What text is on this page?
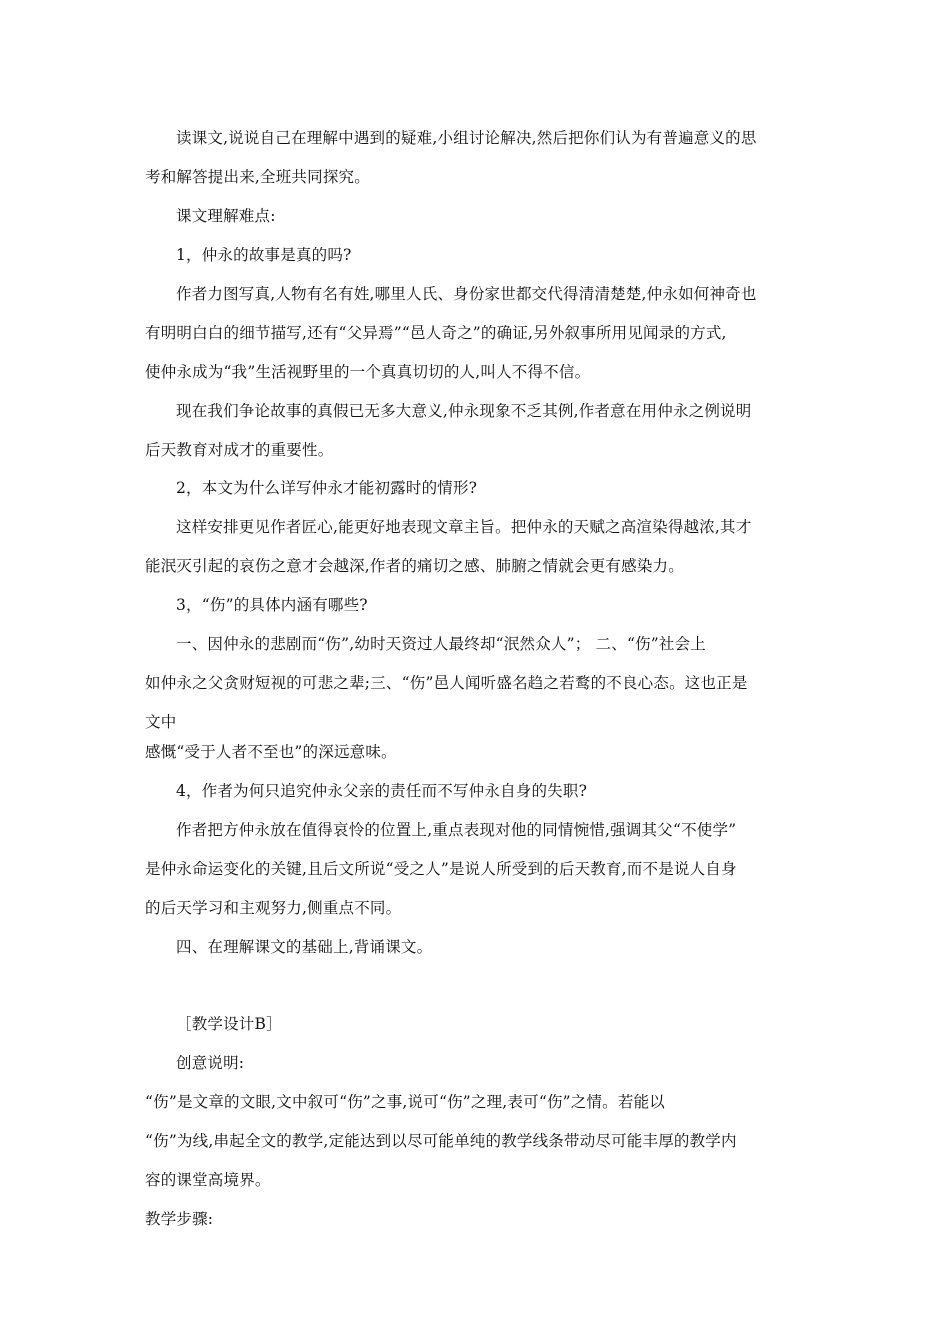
读课文,说说自己在理解中遇到的疑难,小组讨论解决,然后把你们认为有普遍意义的思
考和解答提出来,全班共同探究。
课文理解难点:
1，仲永的故事是真的吗?
作者力图写真,人物有名有姓,哪里人氏、身份家世都交代得清清楚楚,仲永如何神奇也
有明明白白的细节描写,还有“父异焉”“邑人奇之”的确证,另外叙事所用见闻录的方式,
使仲永成为“我”生活视野里的一个真真切切的人,叫人不得不信。
现在我们争论故事的真假已无多大意义,仲永现象不乏其例,作者意在用仲永之例说明
后天教育对成才的重要性。
2，本文为什么详写仲永才能初露时的情形?
这样安排更见作者匠心,能更好地表现文章主旨。把仲永的天赋之高渲染得越浓,其才
能泯灭引起的哀伤之意才会越深,作者的痛切之感、肺腑之情就会更有感染力。
3，“伤”的具体内涵有哪些?
一、因仲永的悲剧而“伤”,幼时天资过人最终却“泯然众人”； 二、“伤”社会上
如仲永之父贪财短视的可悲之辈;三、“伤”邑人闻听盛名趋之若鹜的不良心态。这也正是
文中
感慨“受于人者不至也”的深远意味。
4，作者为何只追究仲永父亲的责任而不写仲永自身的失职?
作者把方仲永放在值得哀怜的位置上,重点表现对他的同情惋惜,强调其父“不使学”
是仲永命运变化的关键,且后文所说“受之人”是说人所受到的后天教育,而不是说人自身
的后天学习和主观努力,侧重点不同。
四、在理解课文的基础上,背诵课文。
［教学设计B］
创意说明:
“伤”是文章的文眼,文中叙可“伤”之事,说可“伤”之理,表可“伤”之情。若能以
“伤”为线,串起全文的教学,定能达到以尽可能单纯的教学线条带动尽可能丰厚的教学内
容的课堂高境界。
教学步骤:
